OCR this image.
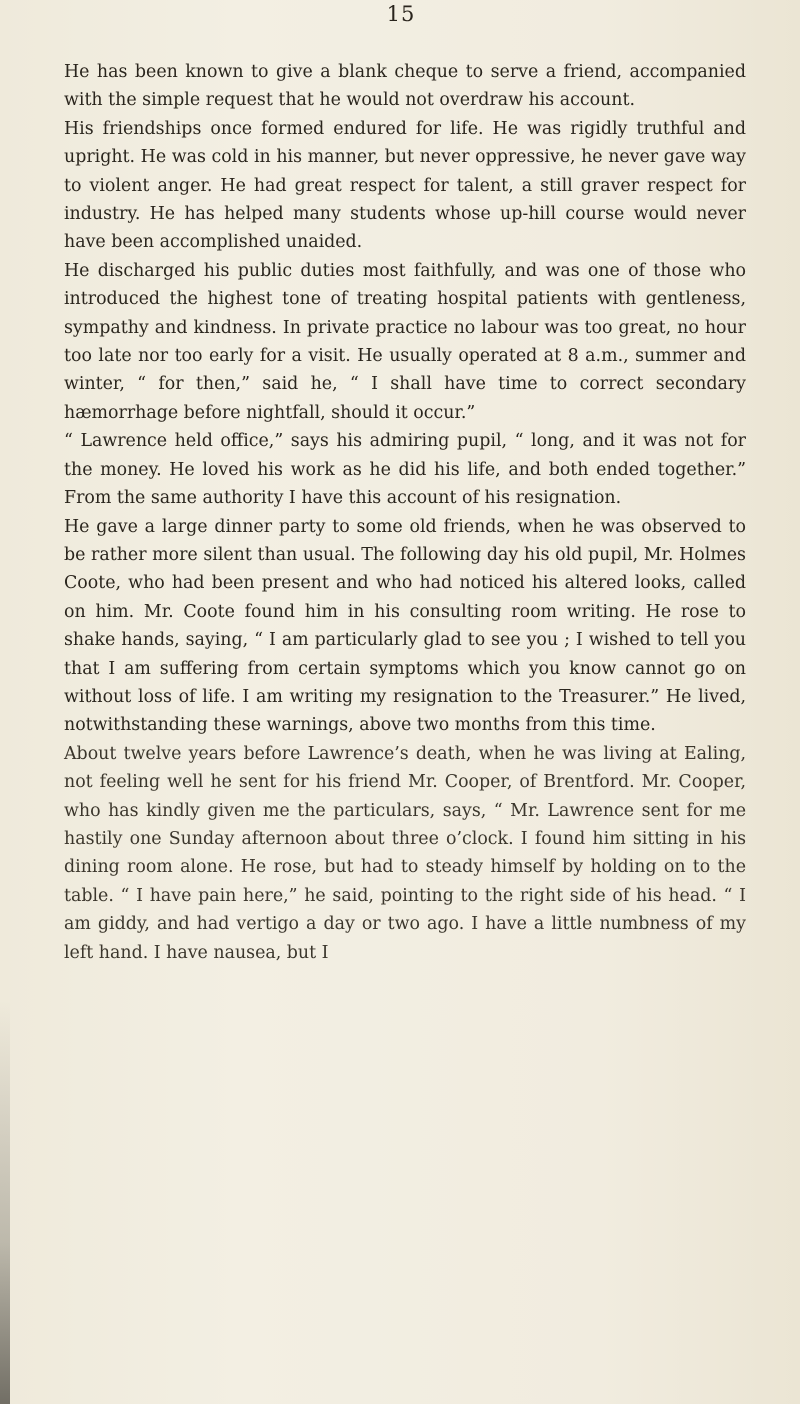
15

He has been known to give a blank cheque to serve a friend, accompanied with the simple request that he would not overdraw his account.

His friendships once formed endured for life. He was rigidly truthful and upright. He was cold in his manner, but never oppressive, he never gave way to violent anger. He had great respect for talent, a still graver respect for industry. He has helped many students whose up-hill course would never have been accomplished unaided.

He discharged his public duties most faithfully, and was one of those who introduced the highest tone of treating hospital patients with gentleness, sympathy and kindness. In private practice no labour was too great, no hour too late nor too early for a visit. He usually operated at 8 a.m., summer and winter, “ for then,” said he, “ I shall have time to correct secondary hæmorrhage before nightfall, should it occur.”

“ Lawrence held office,” says his admiring pupil, “ long, and it was not for the money. He loved his work as he did his life, and both ended together.” From the same authority I have this account of his resignation.

He gave a large dinner party to some old friends, when he was observed to be rather more silent than usual. The following day his old pupil, Mr. Holmes Coote, who had been present and who had noticed his altered looks, called on him. Mr. Coote found him in his consulting room writing. He rose to shake hands, saying, “ I am particularly glad to see you ; I wished to tell you that I am suffering from certain symptoms which you know cannot go on without loss of life. I am writing my resignation to the Treasurer.” He lived, notwithstanding these warnings, above two months from this time.

About twelve years before Lawrence’s death, when he was living at Ealing, not feeling well he sent for his friend Mr. Cooper, of Brentford. Mr. Cooper, who has kindly given me the particulars, says, “ Mr. Lawrence sent for me hastily one Sunday afternoon about three o’clock. I found him sitting in his dining room alone. He rose, but had to steady himself by holding on to the table. “ I have pain here,” he said, pointing to the right side of his head. “ I am giddy, and had vertigo a day or two ago. I have a little numbness of my left hand. I have nausea, but I
